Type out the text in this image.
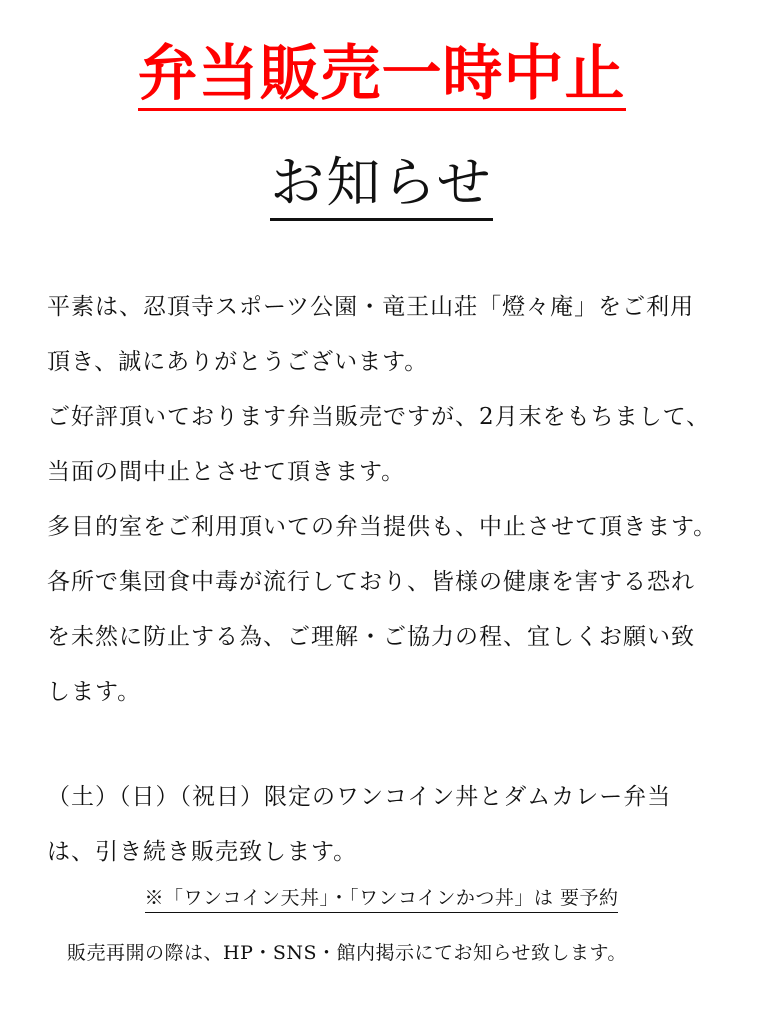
弁当販売一時中止
お知らせ
平素は、忍頂寺スポーツ公園・竜王山荘「燈々庵」をご利用
頂き、誠にありがとうございます。
ご好評頂いております弁当販売ですが、2月末をもちまして、
当面の間中止とさせて頂きます。
多目的室をご利用頂いての弁当提供も、中止させて頂きます。
各所で集団食中毒が流行しており、皆様の健康を害する恐れ
を未然に防止する為、ご理解・ご協力の程、宜しくお願い致
します。
（土）（日）（祝日）限定のワンコイン丼とダムカレー弁当
は、引き続き販売致します。
※「ワンコイン天丼」・「ワンコインかつ丼」は 要予約
販売再開の際は、HP・SNS・館内掲示にてお知らせ致します。
